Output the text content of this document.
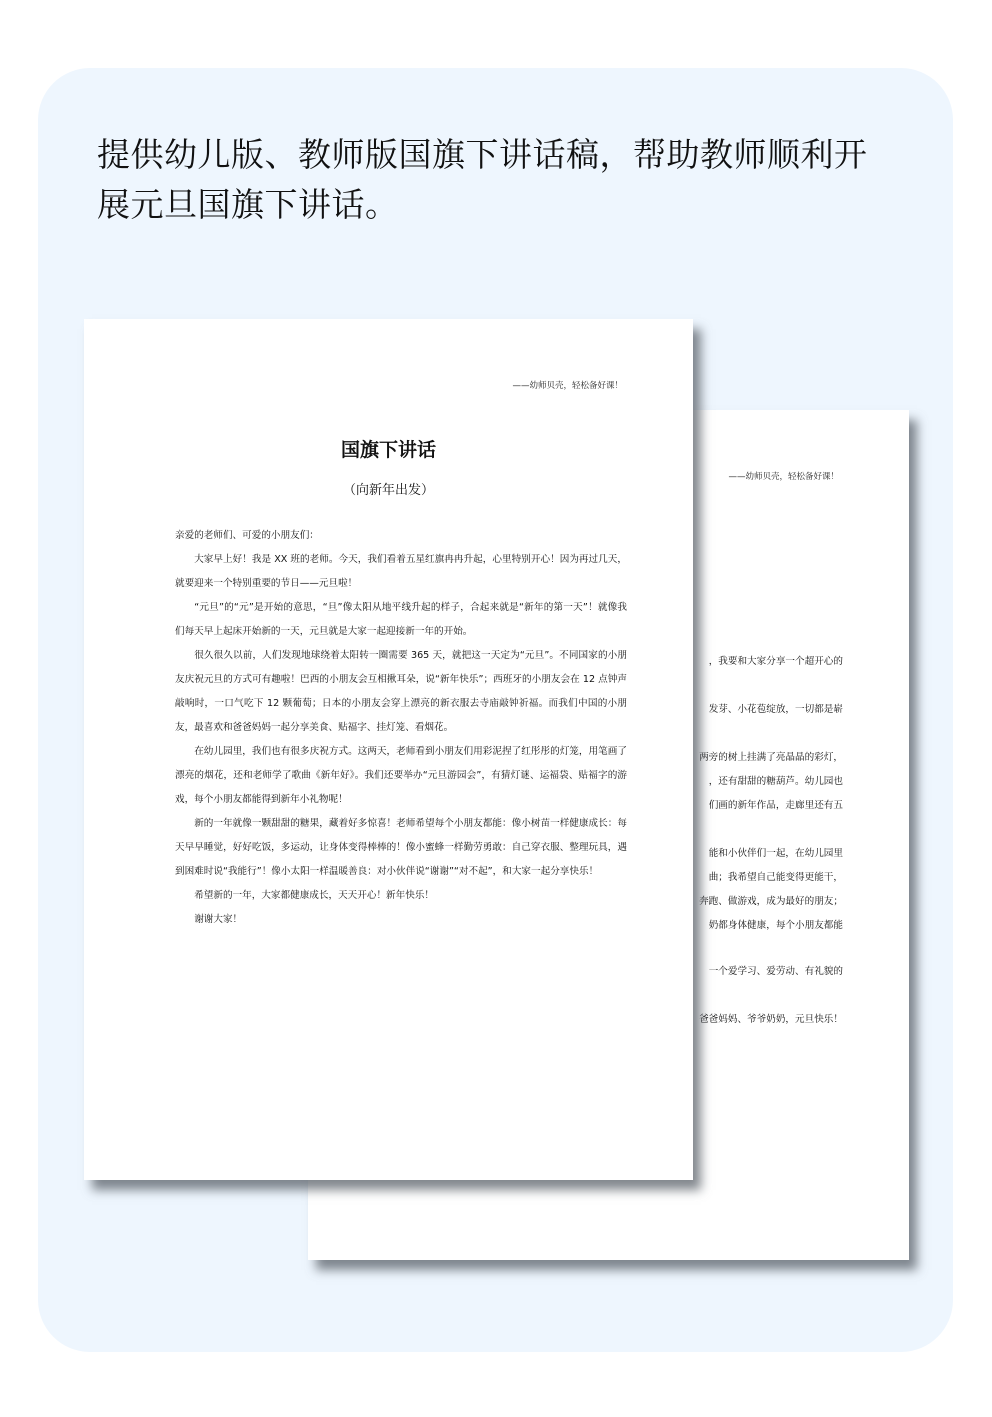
提供幼儿版、教师版国旗下讲话稿，帮助教师顺利开展元旦国旗下讲话。
——幼师贝壳，轻松备好课！
，我要和大家分享一个超开心的
发芽、小花苞绽放，一切都是崭
两旁的树上挂满了亮晶晶的彩灯，
，还有甜甜的糖葫芦。幼儿园也
们画的新年作品，走廊里还有五
能和小伙伴们一起，在幼儿园里
曲；我希望自己能变得更能干，
奔跑、做游戏，成为最好的朋友；
奶都身体健康，每个小朋友都能
一个爱学习、爱劳动、有礼貌的
爸爸妈妈、爷爷奶奶，元旦快乐！
——幼师贝壳，轻松备好课！
国旗下讲话
（向新年出发）

亲爱的老师们、可爱的小朋友们：

大家早上好！我是 XX 班的老师。今天，我们看着五星红旗冉冉升起，心里特别开心！因为再过几天，就要迎来一个特别重要的节日——元旦啦！

“元旦”的“元”是开始的意思，“旦”像太阳从地平线升起的样子，合起来就是“新年的第一天”！就像我们每天早上起床开始新的一天，元旦就是大家一起迎接新一年的开始。

很久很久以前，人们发现地球绕着太阳转一圈需要 365 天，就把这一天定为“元旦”。不同国家的小朋友庆祝元旦的方式可有趣啦！巴西的小朋友会互相揪耳朵，说“新年快乐”；西班牙的小朋友会在 12 点钟声敲响时，一口气吃下 12 颗葡萄；日本的小朋友会穿上漂亮的新衣服去寺庙敲钟祈福。而我们中国的小朋友，最喜欢和爸爸妈妈一起分享美食、贴福字、挂灯笼、看烟花。

在幼儿园里，我们也有很多庆祝方式。这两天，老师看到小朋友们用彩泥捏了红彤彤的灯笼，用笔画了漂亮的烟花，还和老师学了歌曲《新年好》。我们还要举办“元旦游园会”，有猜灯谜、运福袋、贴福字的游戏，每个小朋友都能得到新年小礼物呢！

新的一年就像一颗甜甜的糖果，藏着好多惊喜！老师希望每个小朋友都能：像小树苗一样健康成长：每天早早睡觉，好好吃饭，多运动，让身体变得棒棒的！像小蜜蜂一样勤劳勇敢：自己穿衣服、整理玩具，遇到困难时说“我能行”！像小太阳一样温暖善良：对小伙伴说“谢谢”“对不起”，和大家一起分享快乐！

希望新的一年，大家都健康成长，天天开心！新年快乐！

谢谢大家！
